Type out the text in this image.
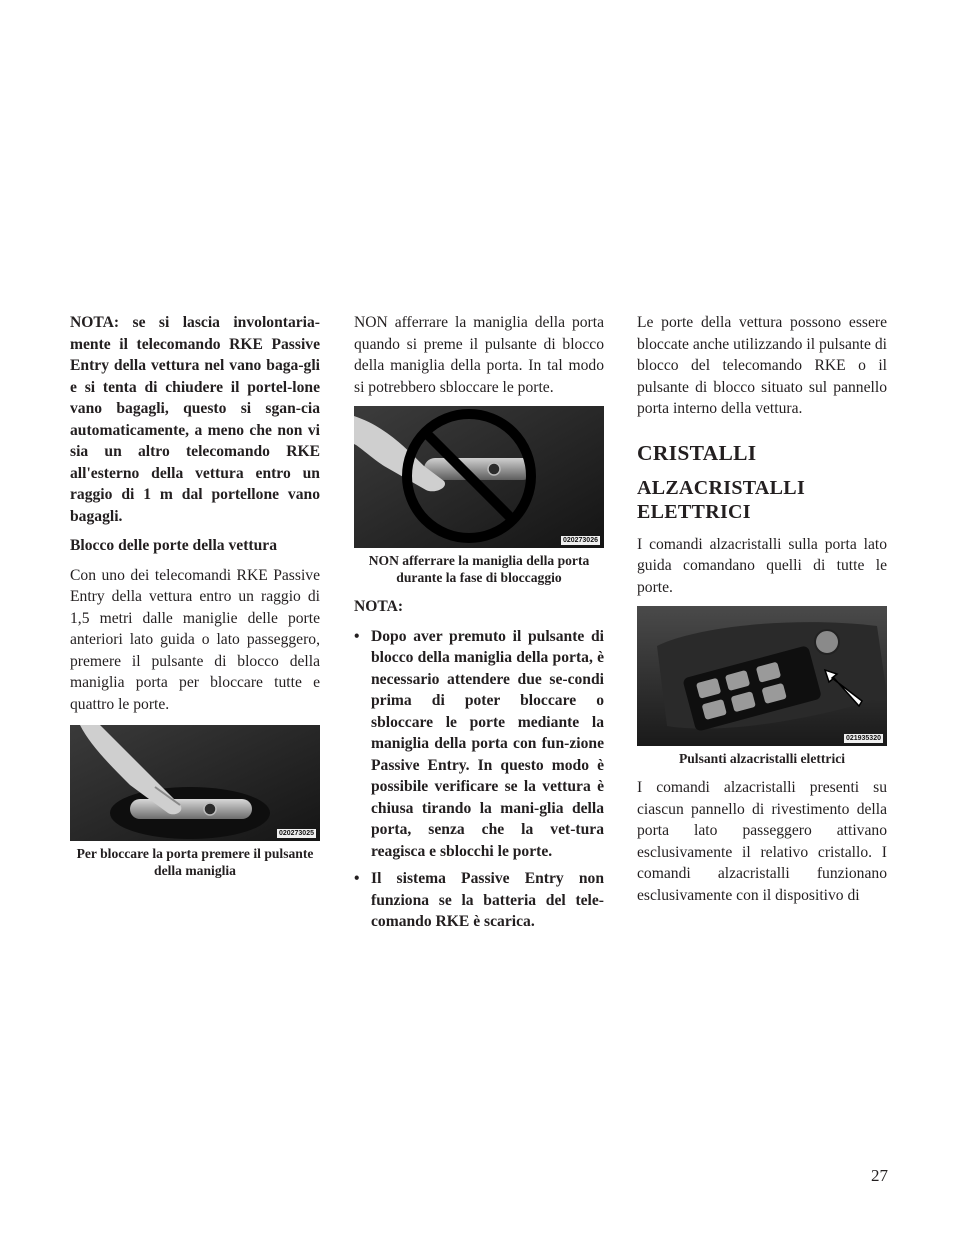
NOTA: se si lascia involontaria-mente il telecomando RKE Passive Entry della vettura nel vano baga-gli e si tenta di chiudere il portel-lone vano bagagli, questo si sgan-cia automaticamente, a meno che non vi sia un altro telecomando RKE all'esterno della vettura entro un raggio di 1 m dal portellone vano bagagli.

Blocco delle porte della vettura

Con uno dei telecomandi RKE Passive Entry della vettura entro un raggio di 1,5 metri dalle maniglie delle porte anteriori lato guida o lato passeggero, premere il pulsante di blocco della maniglia porta per bloccare tutte e quattro le porte.

020273025

Per bloccare la porta premere il pulsante della maniglia

NON afferrare la maniglia della porta quando si preme il pulsante di blocco della maniglia della porta. In tal modo si potrebbero sbloccare le porte.

020273026

NON afferrare la maniglia della porta durante la fase di bloccaggio

NOTA:

• Dopo aver premuto il pulsante di blocco della maniglia della porta, è necessario attendere due se-condi prima di poter bloccare o sbloccare le porte mediante la maniglia della porta con fun-zione Passive Entry. In questo modo è possibile verificare se la vettura è chiusa tirando la mani-glia della porta, senza che la vet-tura reagisca e sblocchi le porte.
• Il sistema Passive Entry non funziona se la batteria del tele-comando RKE è scarica.

Le porte della vettura possono essere bloccate anche utilizzando il pulsante di blocco del telecomando RKE o il pulsante di blocco situato sul pannello porta interno della vettura.

CRISTALLI
ALZACRISTALLI ELETTRICI

I comandi alzacristalli sulla porta lato guida comandano quelli di tutte le porte.

021935320

Pulsanti alzacristalli elettrici

I comandi alzacristalli presenti su ciascun pannello di rivestimento della porta lato passeggero attivano esclusivamente il relativo cristallo. I comandi alzacristalli funzionano esclusivamente con il dispositivo di

27
